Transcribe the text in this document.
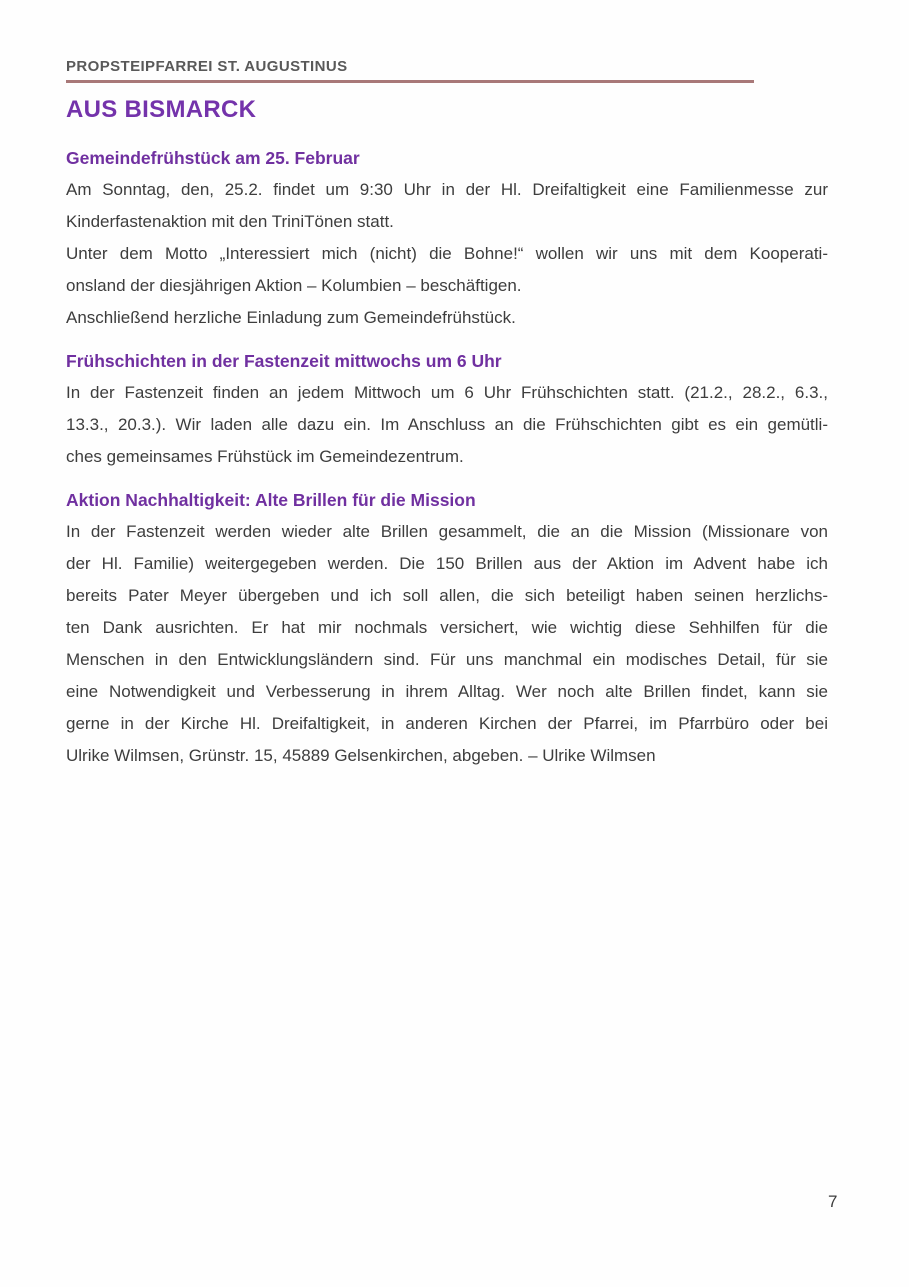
PROPSTEIPFARREI ST. AUGUSTINUS
AUS BISMARCK
Gemeindefrühstück am 25. Februar
Am Sonntag, den, 25.2. findet um 9:30 Uhr in der Hl. Dreifaltigkeit eine Familienmesse zur
Kinderfastenaktion mit den TriniTönen statt.
Unter dem Motto „Interessiert mich (nicht) die Bohne!“ wollen wir uns mit dem Kooperati-
onsland der diesjährigen Aktion – Kolumbien – beschäftigen.
Anschließend herzliche Einladung zum Gemeindefrühstück.
Frühschichten in der Fastenzeit mittwochs um 6 Uhr
In der Fastenzeit finden an jedem Mittwoch um 6 Uhr Frühschichten statt. (21.2., 28.2., 6.3.,
13.3., 20.3.). Wir laden alle dazu ein. Im Anschluss an die Frühschichten gibt es ein gemütli-
ches gemeinsames Frühstück im Gemeindezentrum.
Aktion Nachhaltigkeit: Alte Brillen für die Mission
In der Fastenzeit werden wieder alte Brillen gesammelt, die an die Mission (Missionare von
der Hl. Familie) weitergegeben werden. Die 150 Brillen aus der Aktion im Advent habe ich
bereits Pater Meyer übergeben und ich soll allen, die sich beteiligt haben seinen herzlichs-
ten Dank ausrichten. Er hat mir nochmals versichert, wie wichtig diese Sehhilfen für die
Menschen in den Entwicklungsländern sind. Für uns manchmal ein modisches Detail, für sie
eine Notwendigkeit und Verbesserung in ihrem Alltag. Wer noch alte Brillen findet, kann sie
gerne in der Kirche Hl. Dreifaltigkeit, in anderen Kirchen der Pfarrei, im Pfarrbüro oder bei
Ulrike Wilmsen, Grünstr. 15, 45889 Gelsenkirchen, abgeben. – Ulrike Wilmsen
7
